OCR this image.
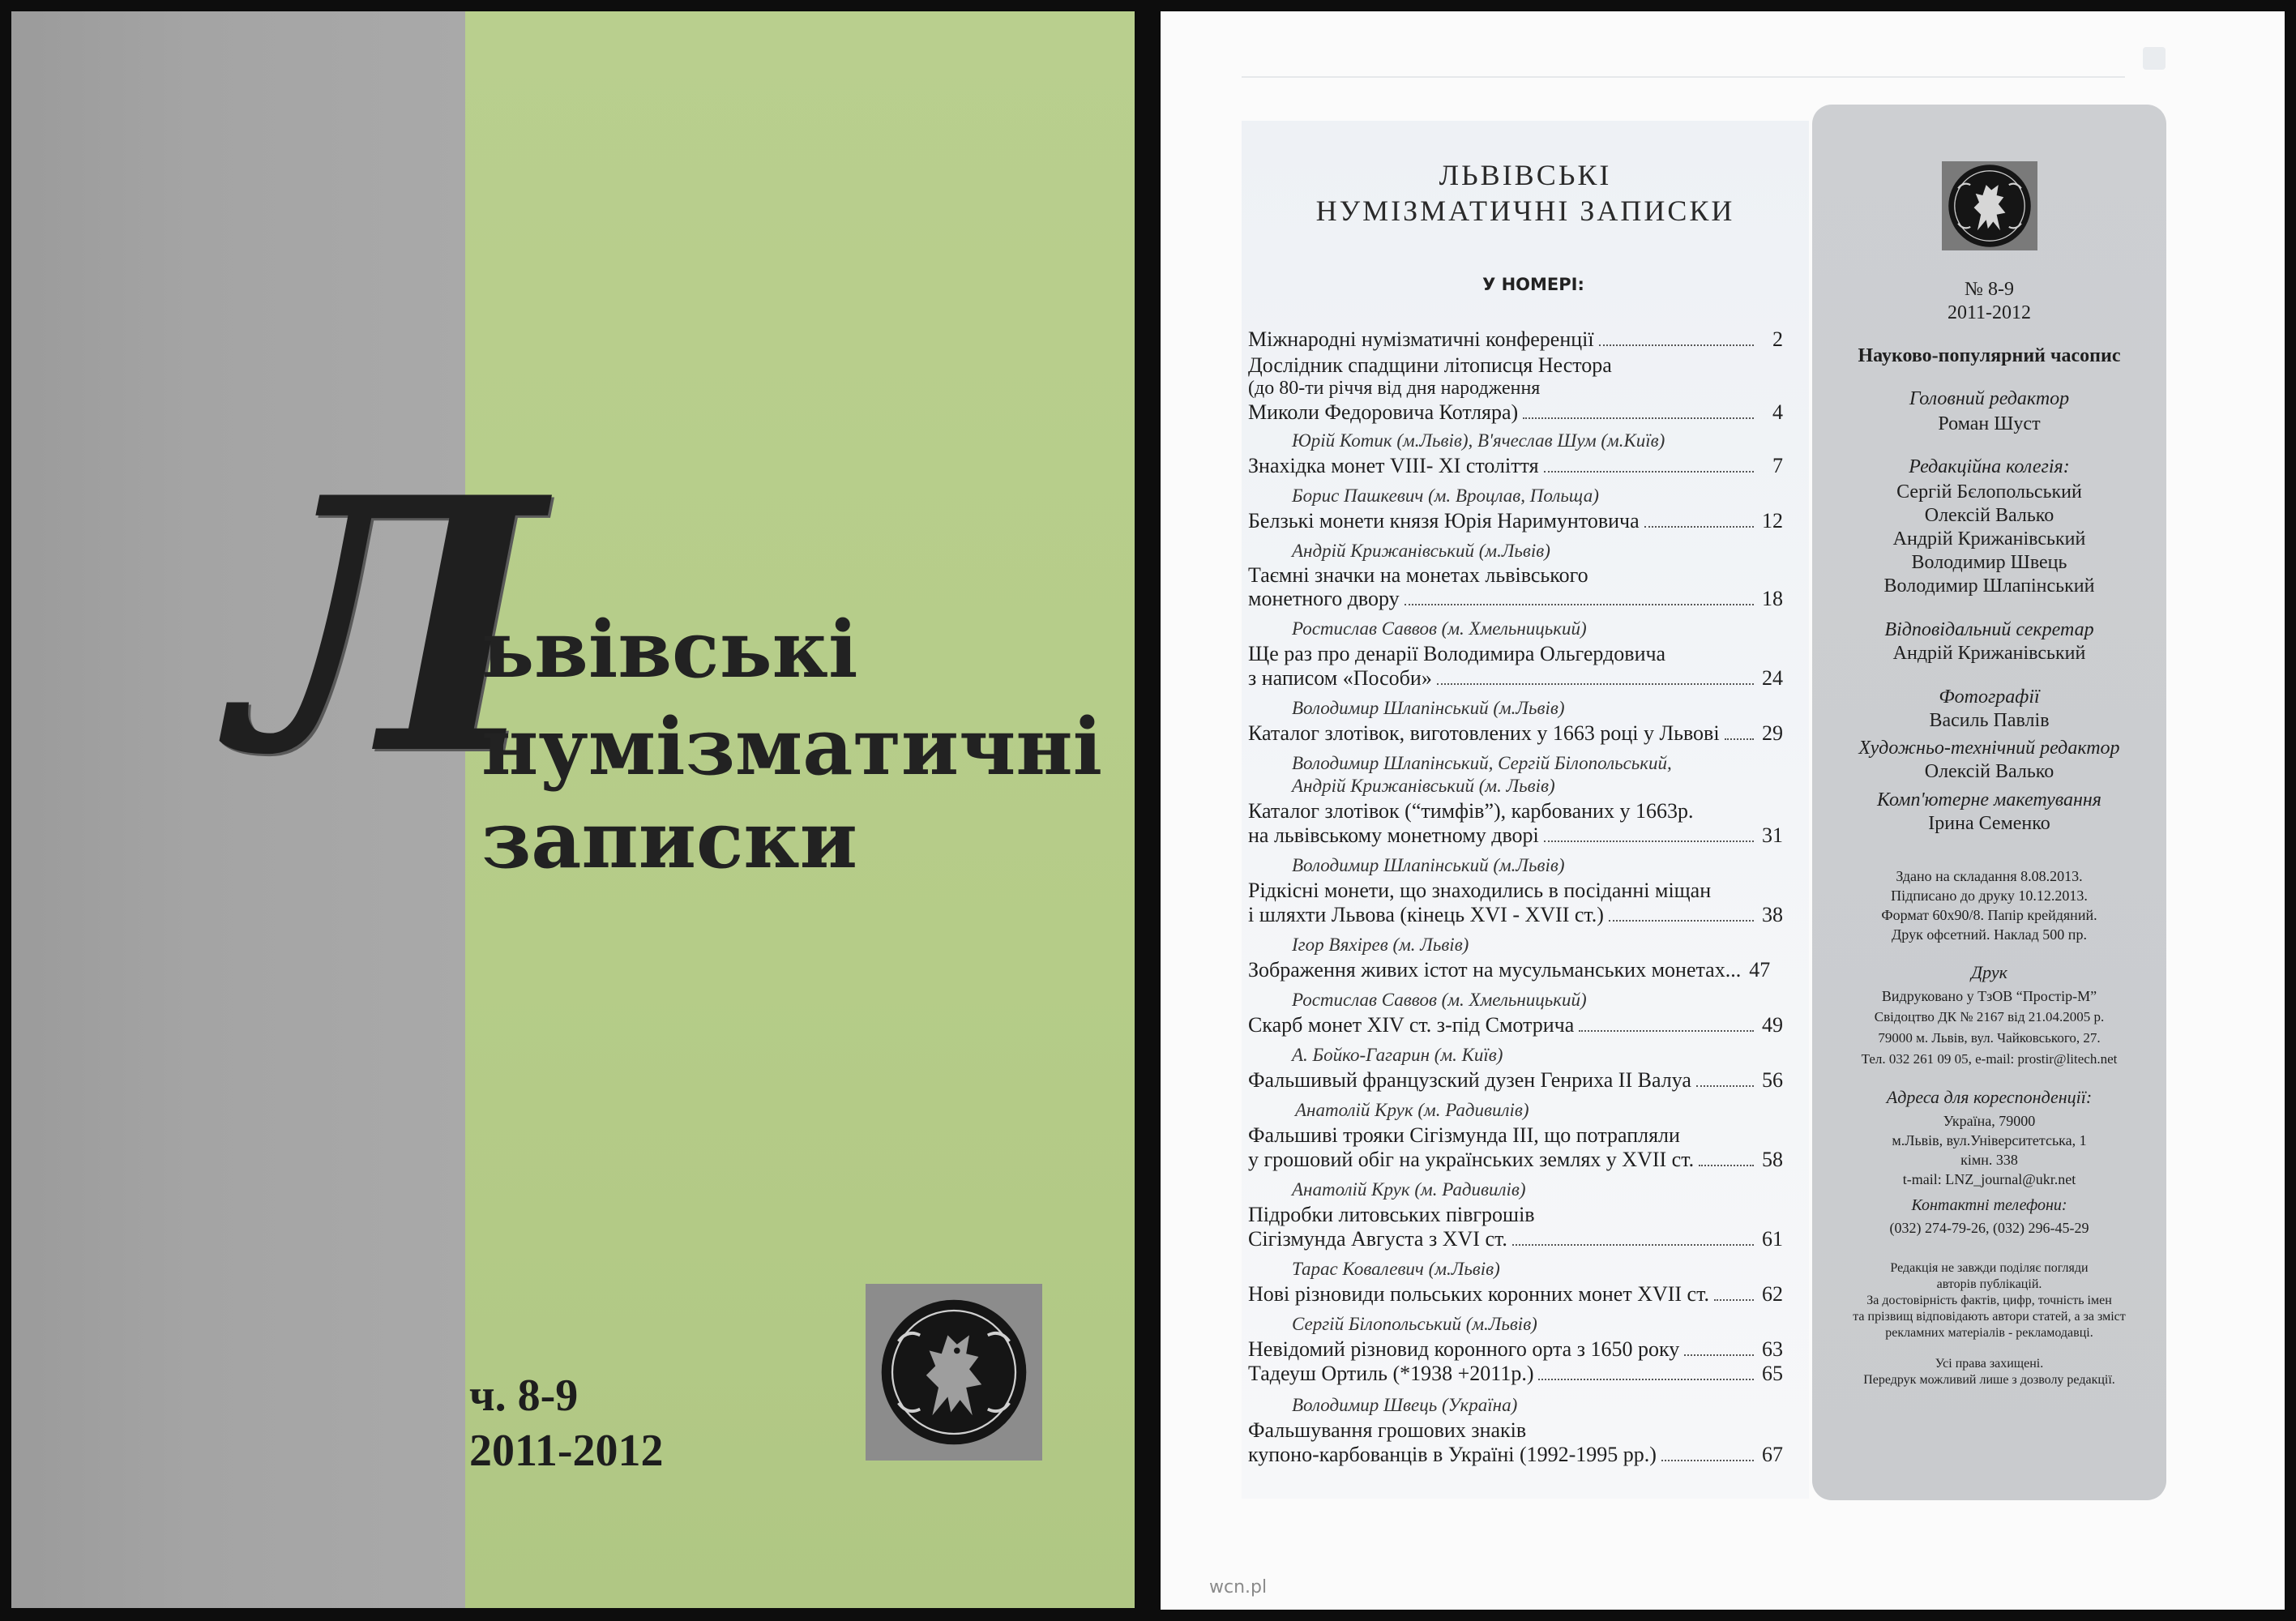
Л
ьвівські
нумізматичні
записки
ч. 8-9
2011-2012
ЛЬВІВСЬКІ
НУМІЗМАТИЧНІ ЗАПИСКИ
У НОМЕРІ:
Міжнародні нумізматичні конференції	2
Дослідник спадщини літописця Нестора
(до 80-ти річчя від дня народження
Миколи Федоровича Котляра)	4
Юрій Котик (м.Львів), В'ячеслав Шум (м.Київ)
Знахідка монет VIII- XI століття	7
Борис Пашкевич (м. Вроцлав, Польща)
Белзькі монети князя Юрія Наримунтовича	12
Андрій Крижанівський (м.Львів)
Таємні значки на монетах львівського
монетного двору	18
Ростислав Саввов (м. Хмельницький)
Ще раз про денарії Володимира Ольгердовича
з написом «Пособи»	24
Володимир Шлапінський (м.Львів)
Каталог злотівок, виготовлених у 1663 році у Львові 29
Володимир Шлапінський, Сергій Білопольський,
Андрій Крижанівський (м. Львів)
Каталог злотівок (“тимфів”), карбованих у 1663р.
на львівському монетному дворі	31
Володимир Шлапінський (м.Львів)
Рідкісні монети, що знаходились в посіданні міщан
і шляхти Львова (кінець XVI - XVII ст.)	38
Ігор Вяхірев (м. Львів)
Зображення живих істот на мусульманських монетах... 47
Ростислав Саввов (м. Хмельницький)
Скарб монет XIV ст. з-під Смотрича	49
А. Бойко-Гагарин (м. Київ)
Фальшивый французский дузен Генриха II Валуа	56
Анатолій Крук (м. Радивилів)
Фальшиві трояки Сігізмунда III, що потрапляли
у грошовий обіг на українських землях у XVII ст.	58
Анатолій Крук (м. Радивилів)
Підробки литовських півгрошів
Сігізмунда Августа з XVI ст.	61
Тарас Ковалевич (м.Львів)
Нові різновиди польських коронних монет XVII ст. 62
Сергій Білопольський (м.Львів)
Невідомий різновид коронного орта з 1650 року	63
Тадеуш Ортиль (*1938 +2011р.)	65
Володимир Швець (Україна)
Фальшування грошових знаків
купоно-карбованців в Україні (1992-1995 рр.)	67
№ 8-9
2011-2012
Науково-популярний часопис
Головний редактор
Роман Шуст
Редакційна колегія:
Сергій Бєлопольський
Олексій Валько
Андрій Крижанівський
Володимир Швець
Володимир Шлапінський
Відповідальний секретар
Андрій Крижанівський
Фотографії
Василь Павлів
Художньо-технічний редактор
Олексій Валько
Комп'ютерне макетування
Ірина Семенко
Здано на складання 8.08.2013.
Підписано до друку 10.12.2013.
Формат 60х90/8. Папір крейдяний.
Друк офсетний. Наклад 500 пр.
Друк
Видруковано у ТзОВ “Простір-М”
Свідоцтво ДК № 2167 від 21.04.2005 р.
79000 м. Львів, вул. Чайковського, 27.
Тел. 032 261 09 05, e-mail: prostir@litech.net
Адреса для кореспонденції:
Україна, 79000
м.Львів, вул.Університетська, 1
кімн. 338
t-mail: LNZ_journal@ukr.net
Контактні телефони:
(032) 274-79-26, (032) 296-45-29
Редакція не завжди поділяє погляди
авторів публікацій.
За достовірність фактів, цифр, точність імен
та прізвищ відповідають автори статей, а за зміст
рекламних матеріалів - рекламодавці.
Усі права захищені.
Передрук можливий лише з дозволу редакції.
wcn.pl
